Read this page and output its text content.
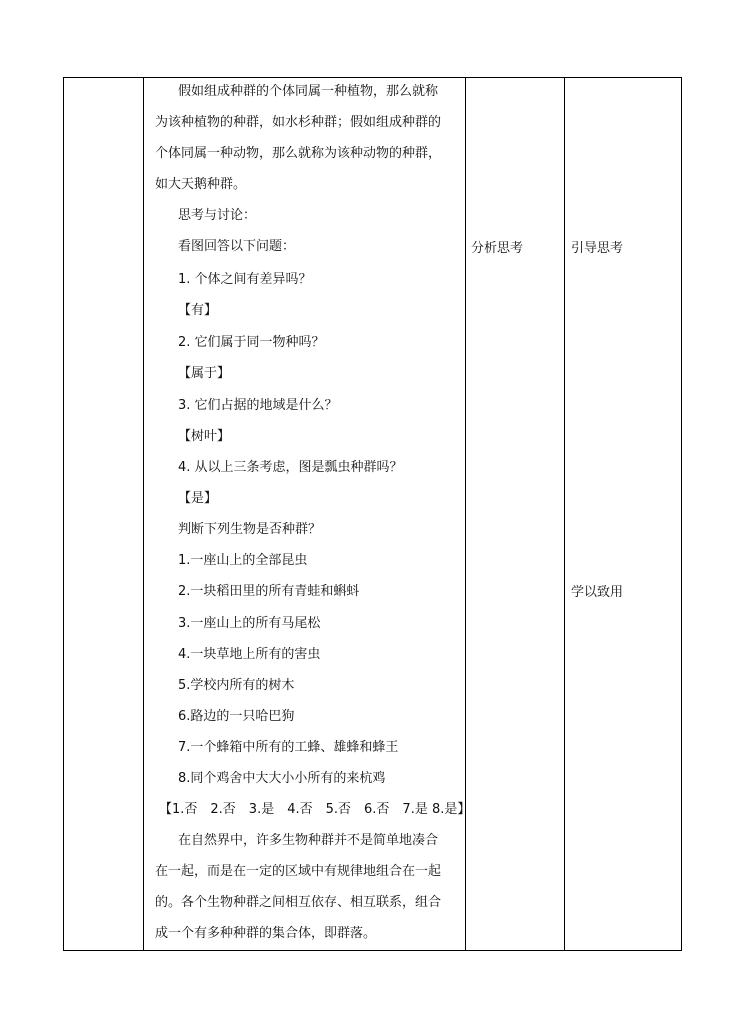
假如组成种群的个体同属一种植物，那么就称
为该种植物的种群，如水杉种群；假如组成种群的
个体同属一种动物，那么就称为该种动物的种群，
如大天鹅种群。
思考与讨论：
看图回答以下问题：
1. 个体之间有差异吗？
【有】
2. 它们属于同一物种吗？
【属于】
3. 它们占据的地域是什么？
【树叶】
4. 从以上三条考虑，图是瓢虫种群吗？
【是】
判断下列生物是否种群？
1.一座山上的全部昆虫
2.一块稻田里的所有青蛙和蝌蚪
3.一座山上的所有马尾松
4.一块草地上所有的害虫
5.学校内所有的树木
6.路边的一只哈巴狗
7.一个蜂箱中所有的工蜂、雄蜂和蜂王
8.同个鸡舍中大大小小所有的来杭鸡
【1.否　2.否　3.是　4.否　5.否　6.否　7.是 8.是】
在自然界中，许多生物种群并不是简单地凑合
在一起，而是在一定的区域中有规律地组合在一起
的。各个生物种群之间相互依存、相互联系，组合
成一个有多种种群的集合体，即群落。
分析思考	引导思考
学以致用
